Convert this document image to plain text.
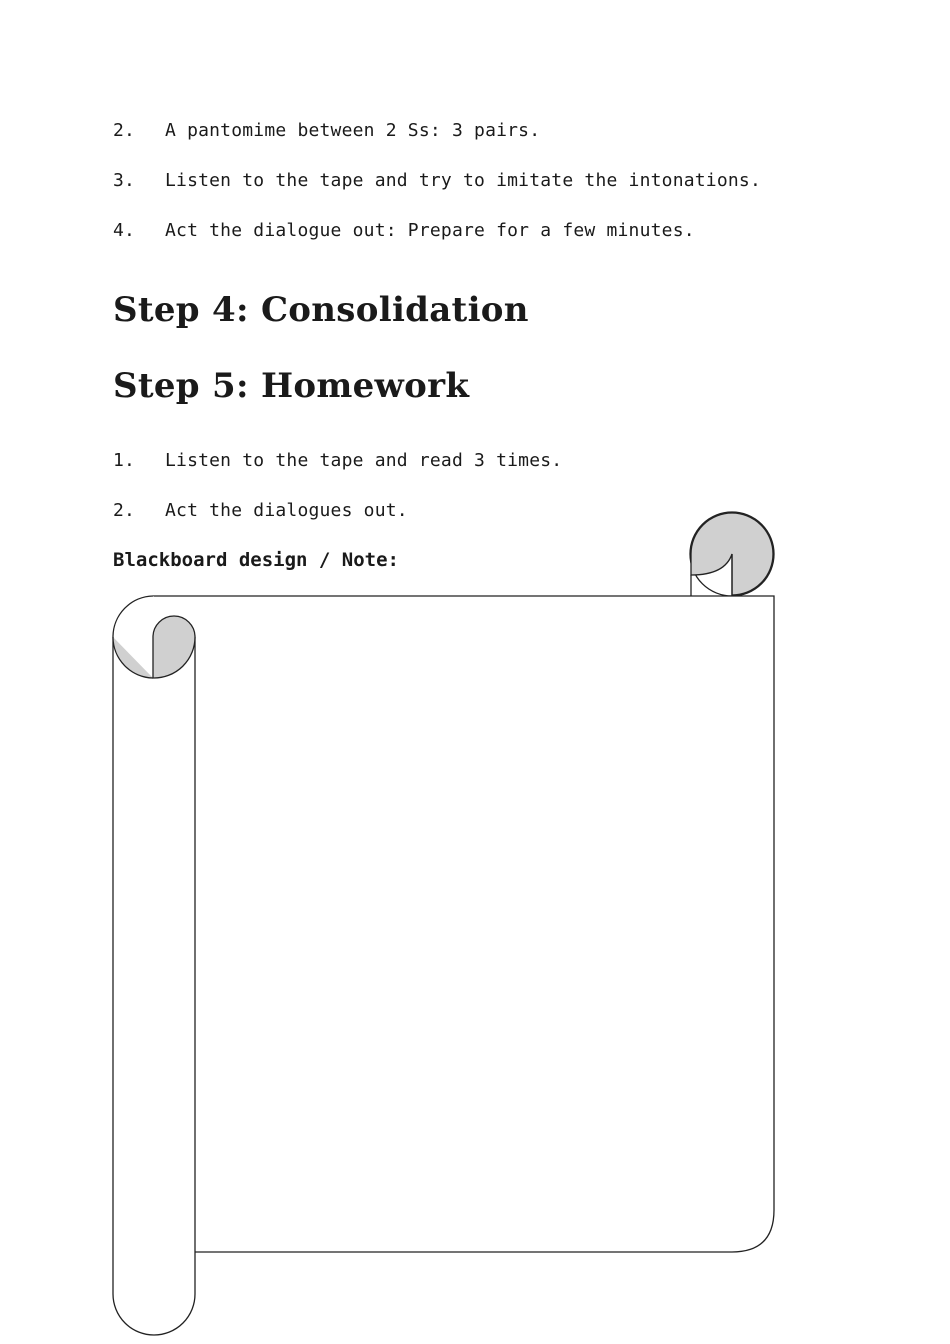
2. A pantomime between 2 Ss: 3 pairs.
3. Listen to the tape and try to imitate the intonations.
4. Act the dialogue out: Prepare for a few minutes.
Step 4: Consolidation
Step 5: Homework
1. Listen to the tape and read 3 times.
2. Act the dialogues out.
Blackboard design / Note:
